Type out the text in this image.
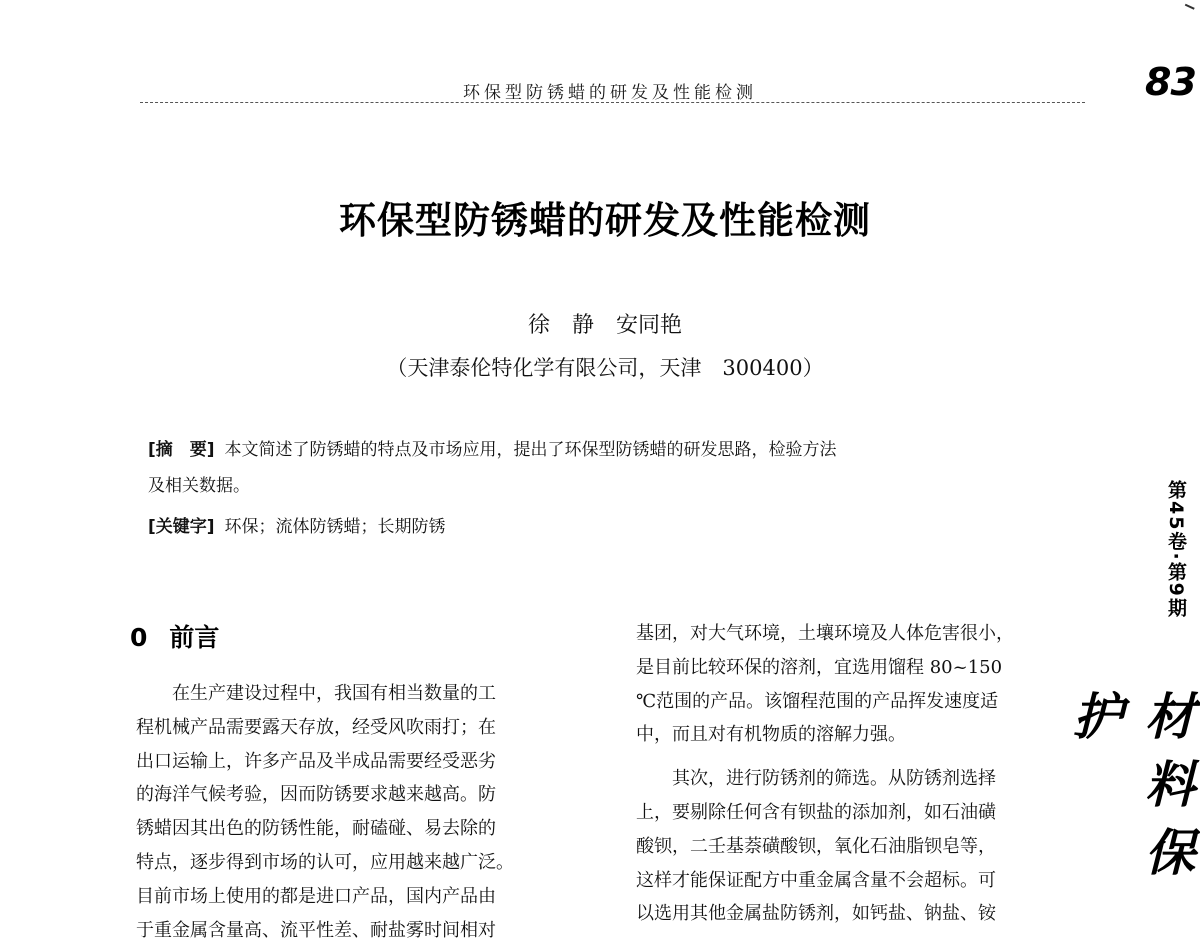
环保型防锈蜡的研发及性能检测	83
环保型防锈蜡的研发及性能检测
徐　静　安同艳
（天津泰伦特化学有限公司，天津　300400）
[摘　要] 本文简述了防锈蜡的特点及市场应用，提出了环保型防锈蜡的研发思路，检验方法
及相关数据。
[关键字] 环保；流体防锈蜡；长期防锈
0 前言

在生产建设过程中，我国有相当数量的工
程机械产品需要露天存放，经受风吹雨打；在
出口运输上，许多产品及半成品需要经受恶劣
的海洋气候考验，因而防锈要求越来越高。防
锈蜡因其出色的防锈性能，耐磕碰、易去除的
特点，逐步得到市场的认可，应用越来越广泛。
目前市场上使用的都是进口产品，国内产品由
于重金属含量高、流平性差、耐盐雾时间相对

基团，对大气环境，土壤环境及人体危害很小，
是目前比较环保的溶剂，宜选用馏程 80~150
℃范围的产品。该馏程范围的产品挥发速度适
中，而且对有机物质的溶解力强。

其次，进行防锈剂的筛选。从防锈剂选择
上，要剔除任何含有钡盐的添加剂，如石油磺
酸钡，二壬基萘磺酸钡，氧化石油脂钡皂等，
这样才能保证配方中重金属含量不会超标。可
以选用其他金属盐防锈剂，如钙盐、钠盐、铵

第45卷·第9期
材料保护
